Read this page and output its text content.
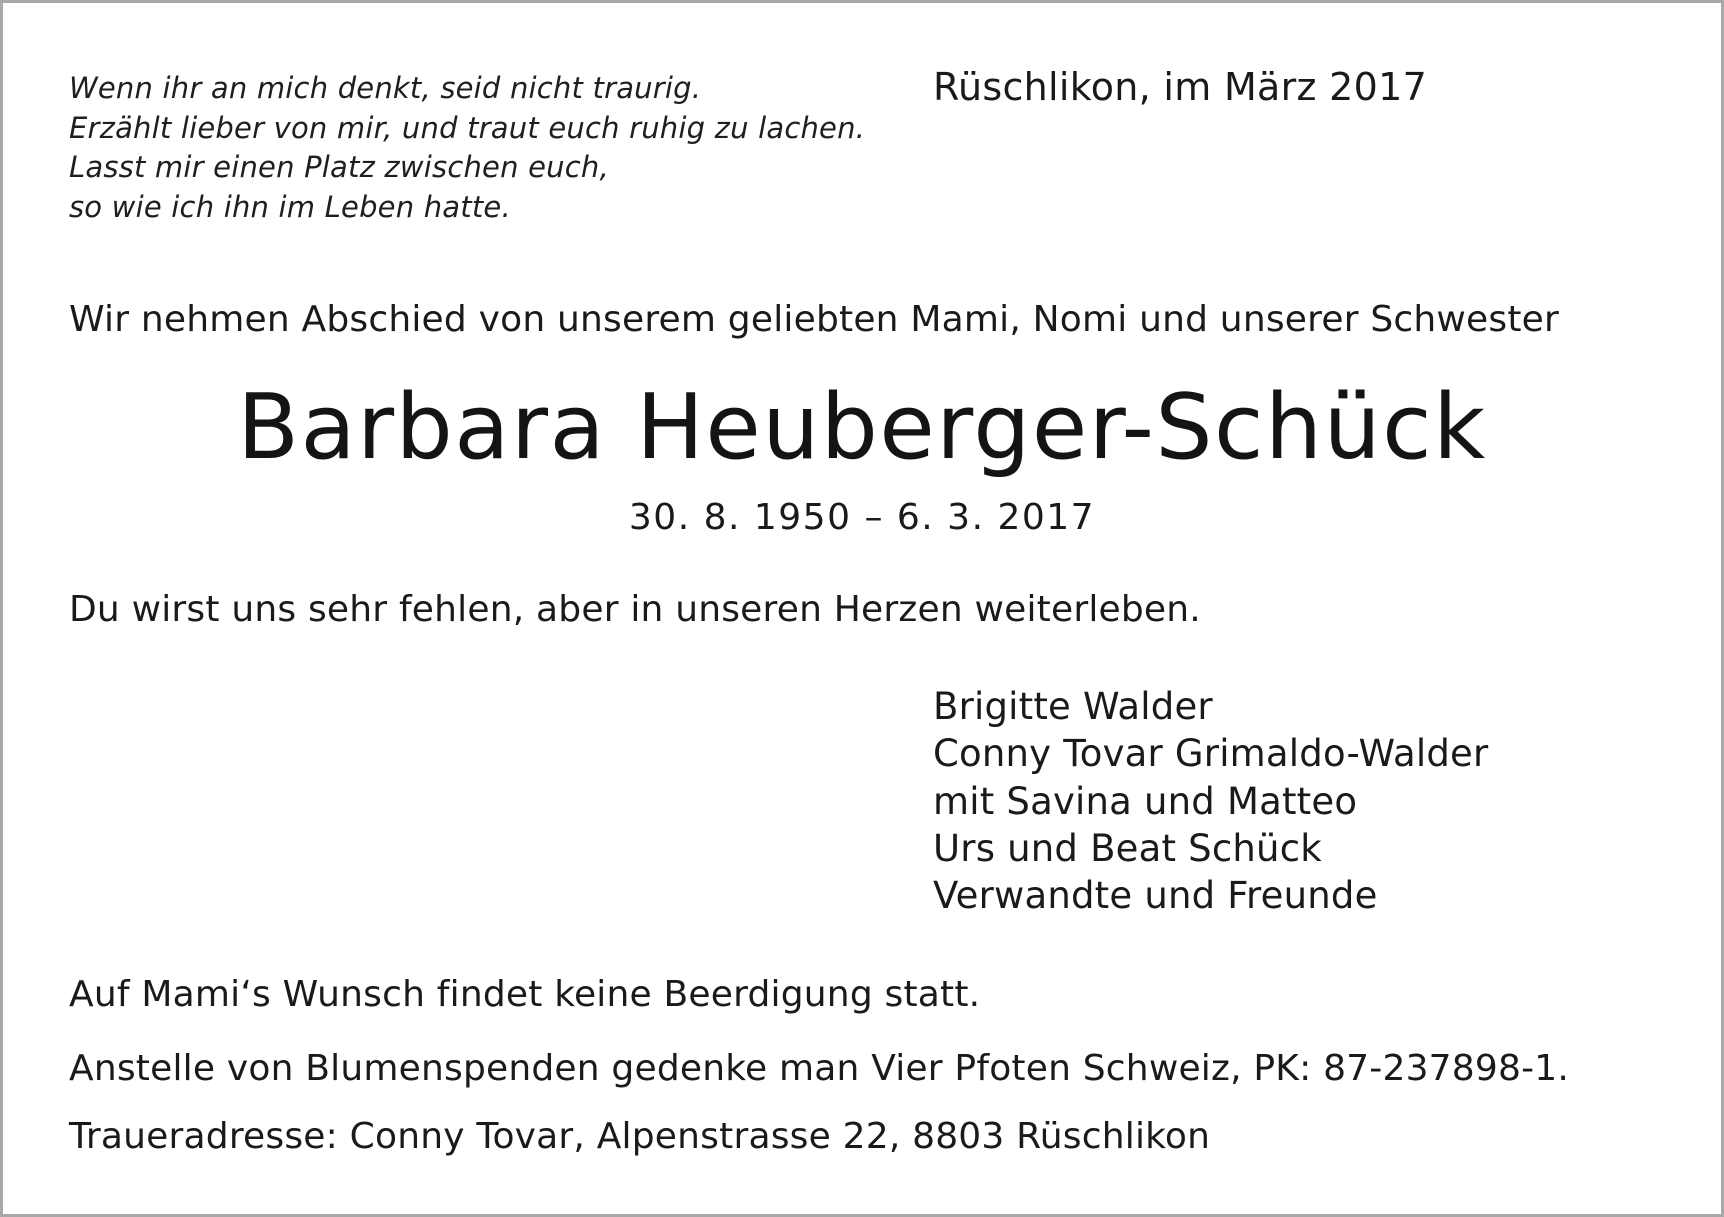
Wenn ihr an mich denkt, seid nicht traurig.
Erzählt lieber von mir, und traut euch ruhig zu lachen.
Lasst mir einen Platz zwischen euch,
so wie ich ihn im Leben hatte.
Rüschlikon, im März 2017
Wir nehmen Abschied von unserem geliebten Mami, Nomi und unserer Schwester
Barbara Heuberger-Schück
30. 8. 1950 – 6. 3. 2017
Du wirst uns sehr fehlen, aber in unseren Herzen weiterleben.
Brigitte Walder
Conny Tovar Grimaldo-Walder
mit Savina und Matteo
Urs und Beat Schück
Verwandte und Freunde
Auf Mami‘s Wunsch findet keine Beerdigung statt.
Anstelle von Blumenspenden gedenke man Vier Pfoten Schweiz, PK: 87-237898-1.
Traueradresse: Conny Tovar, Alpenstrasse 22, 8803 Rüschlikon
